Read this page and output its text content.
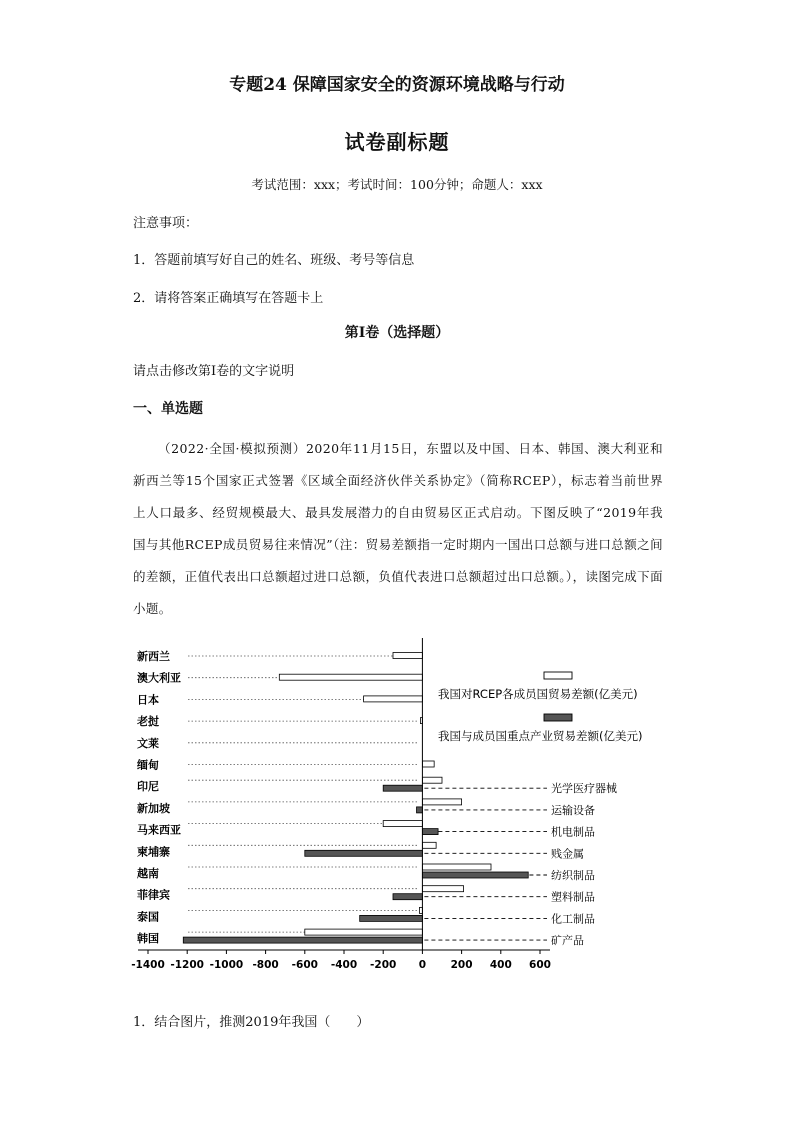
专题24 保障国家安全的资源环境战略与行动
试卷副标题
考试范围：xxx；考试时间：100分钟；命题人：xxx
注意事项：
1．答题前填写好自己的姓名、班级、考号等信息
2．请将答案正确填写在答题卡上
第I卷（选择题）
请点击修改第I卷的文字说明
一、单选题

（2022·全国·模拟预测）2020年11月15日，东盟以及中国、日本、韩国、澳大利亚和新西兰等15个国家正式签署《区域全面经济伙伴关系协定》（简称RCEP），标志着当前世界上人口最多、经贸规模最大、最具发展潜力的自由贸易区正式启动。下图反映了“2019年我国与其他RCEP成员贸易往来情况”（注：贸易差额指一定时期内一国出口总额与进口总额之间的差额，正值代表出口总额超过进口总额，负值代表进口总额超过出口总额。），读图完成下面小题。

新西兰
澳大利亚
日本
老挝
文莱
缅甸
印尼	光学医疗器械
新加坡	运输设备
马来西亚	机电制品
柬埔寨	贱金属
越南	纺织制品
菲律宾	塑料制品
泰国	化工制品
韩国	矿产品
-1400 -1200 -1000 -800 -600 -400 -200 0 200 400 600
我国对RCEP各成员国贸易差额(亿美元)
我国与成员国重点产业贸易差额(亿美元)
1．结合图片，推测2019年我国（　　）
